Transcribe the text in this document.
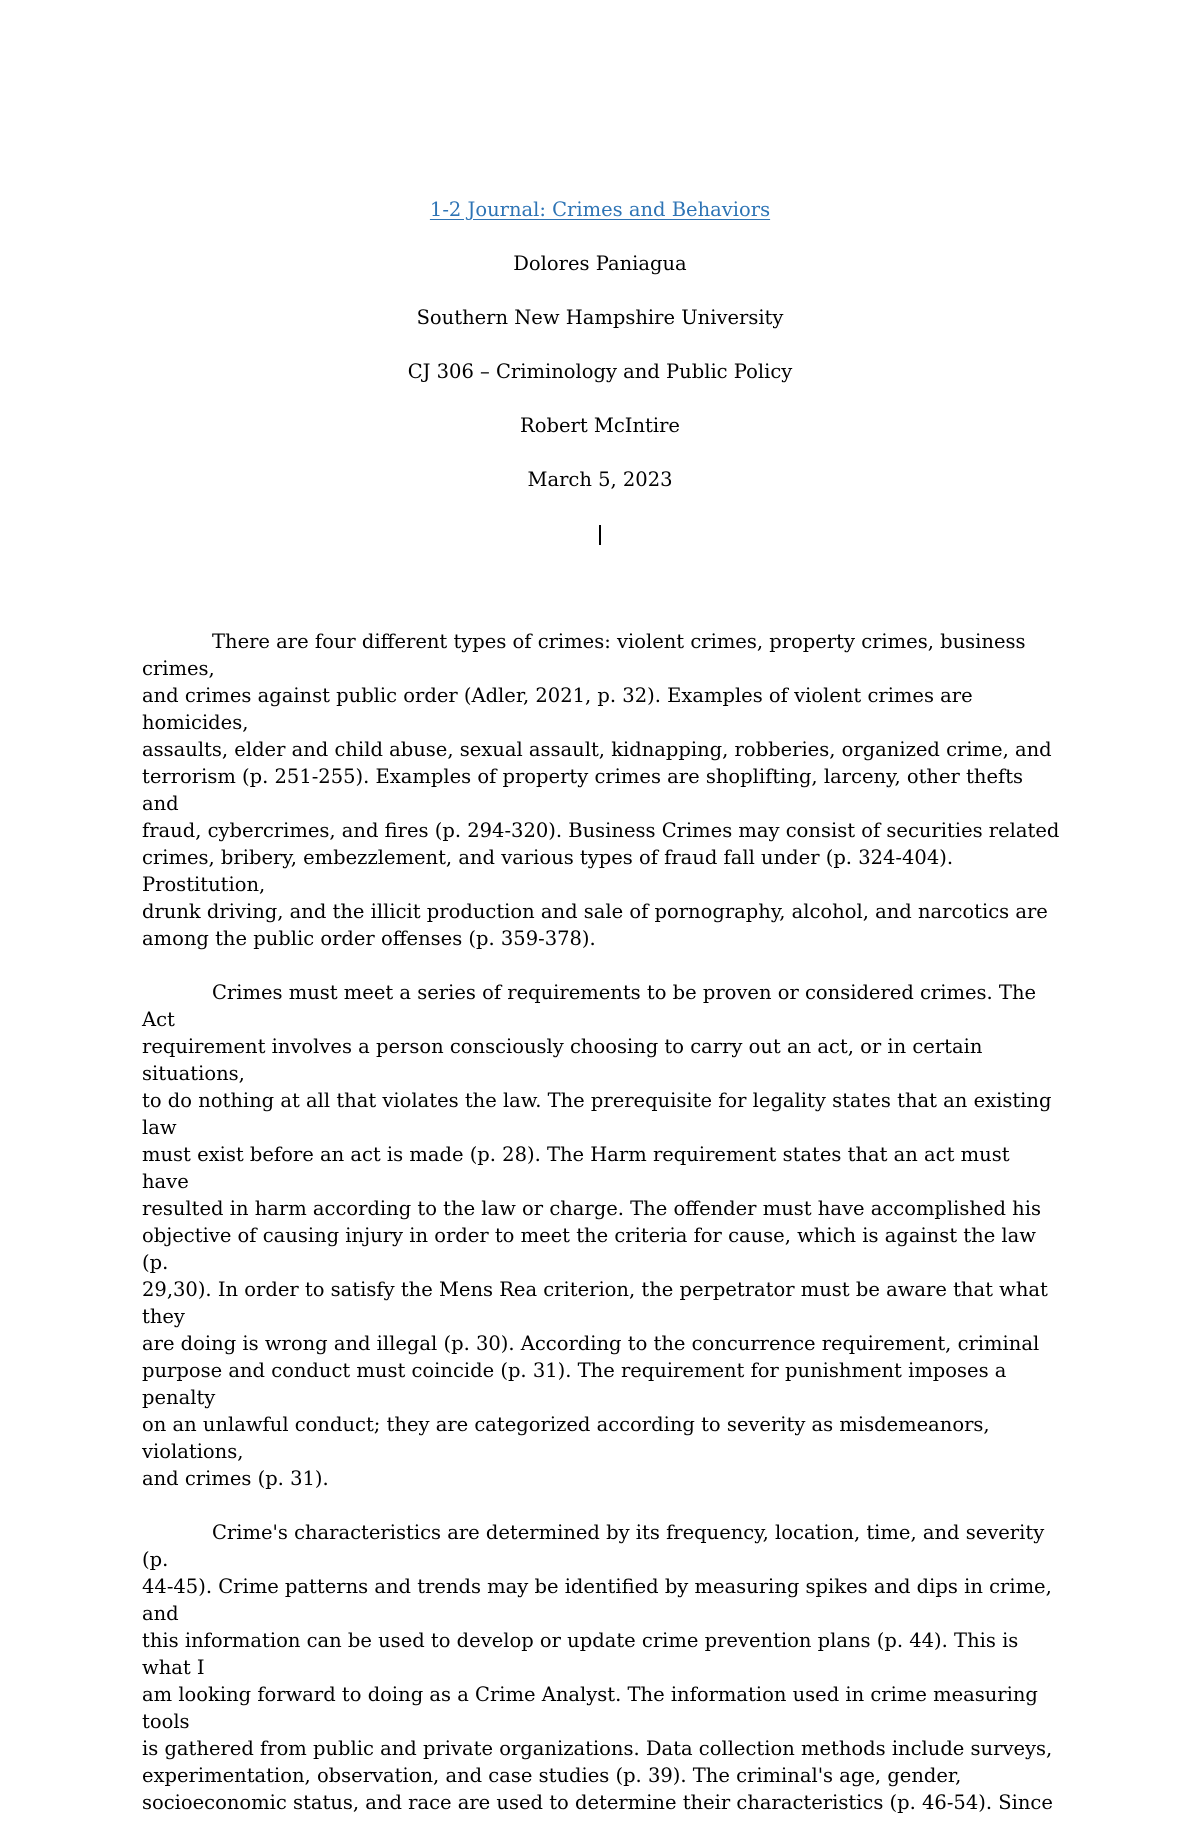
1-2 Journal: Crimes and Behaviors
Dolores Paniagua
Southern New Hampshire University
CJ 306 – Criminology and Public Policy
Robert McIntire
March 5, 2023

There are four different types of crimes: violent crimes, property crimes, business crimes,
and crimes against public order (Adler, 2021, p. 32). Examples of violent crimes are homicides,
assaults, elder and child abuse, sexual assault, kidnapping, robberies, organized crime, and
terrorism (p. 251-255). Examples of property crimes are shoplifting, larceny, other thefts and
fraud, cybercrimes, and fires (p. 294-320). Business Crimes may consist of securities related
crimes, bribery, embezzlement, and various types of fraud fall under (p. 324-404). Prostitution,
drunk driving, and the illicit production and sale of pornography, alcohol, and narcotics are
among the public order offenses (p. 359-378).

Crimes must meet a series of requirements to be proven or considered crimes. The Act
requirement involves a person consciously choosing to carry out an act, or in certain situations,
to do nothing at all that violates the law. The prerequisite for legality states that an existing law
must exist before an act is made (p. 28). The Harm requirement states that an act must have
resulted in harm according to the law or charge. The offender must have accomplished his
objective of causing injury in order to meet the criteria for cause, which is against the law (p.
29,30). In order to satisfy the Mens Rea criterion, the perpetrator must be aware that what they
are doing is wrong and illegal (p. 30). According to the concurrence requirement, criminal
purpose and conduct must coincide (p. 31). The requirement for punishment imposes a penalty
on an unlawful conduct; they are categorized according to severity as misdemeanors, violations,
and crimes (p. 31).

Crime's characteristics are determined by its frequency, location, time, and severity (p.
44-45). Crime patterns and trends may be identified by measuring spikes and dips in crime, and
this information can be used to develop or update crime prevention plans (p. 44). This is what I
am looking forward to doing as a Crime Analyst. The information used in crime measuring tools
is gathered from public and private organizations. Data collection methods include surveys,
experimentation, observation, and case studies (p. 39). The criminal's age, gender,
socioeconomic status, and race are used to determine their characteristics (p. 46-54). Since
